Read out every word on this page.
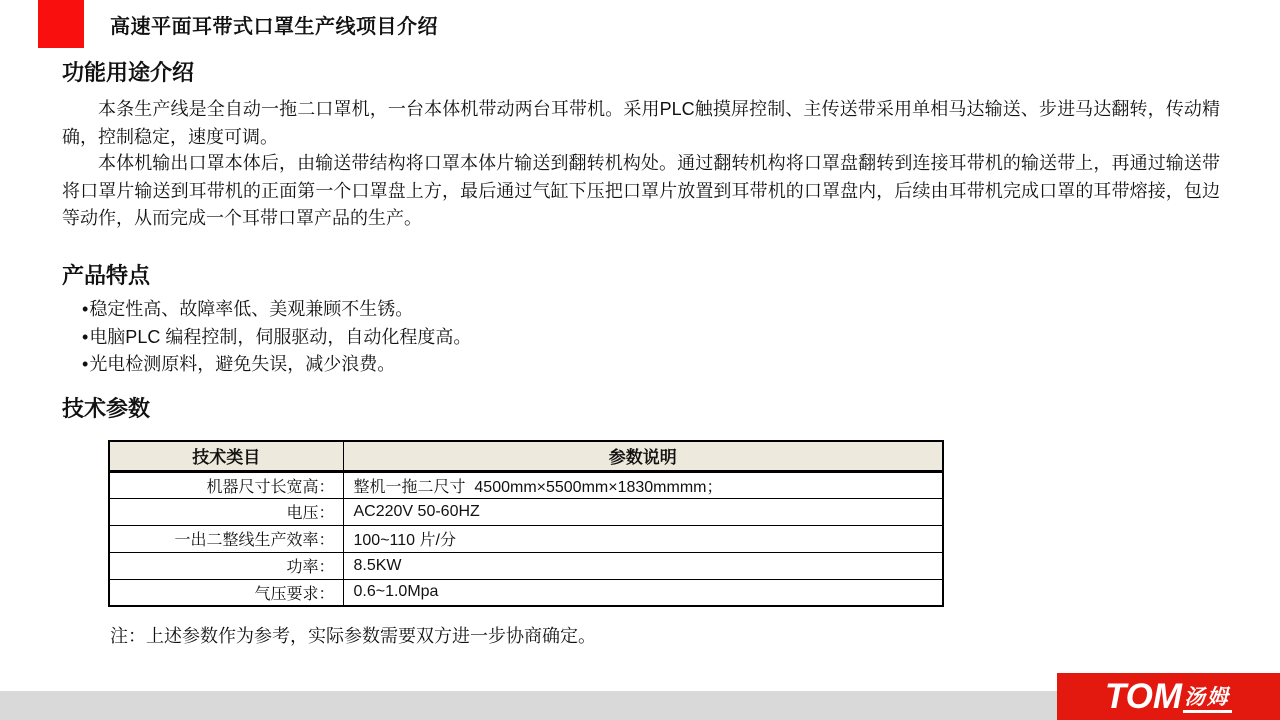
高速平面耳带式口罩生产线项目介绍
功能用途介绍

本条生产线是全自动一拖二口罩机，一台本体机带动两台耳带机。采用PLC触摸屏控制、主传送带采用单相马达输送、步进马达翻转，传动精确，控制稳定，速度可调。

本体机输出口罩本体后，由输送带结构将口罩本体片输送到翻转机构处。通过翻转机构将口罩盘翻转到连接耳带机的输送带上，再通过输送带将口罩片输送到耳带机的正面第一个口罩盘上方，最后通过气缸下压把口罩片放置到耳带机的口罩盘内，后续由耳带机完成口罩的耳带熔接，包边等动作，从而完成一个耳带口罩产品的生产。

产品特点
• 稳定性高、故障率低、美观兼顾不生锈。
• 电脑PLC 编程控制，伺服驱动，自动化程度高。
• 光电检测原料，避免失误，减少浪费。
技术参数
技术类目	参数说明
机器尺寸长宽高：	整机一拖二尺寸  4500mm×5500mm×1830mmmm；
电压：	AC220V 50-60HZ
一出二整线生产效率：	100~110 片/分
功率：	8.5KW
气压要求：	0.6~1.0Mpa

注：上述参数作为参考，实际参数需要双方进一步协商确定。

TOM 汤姆
